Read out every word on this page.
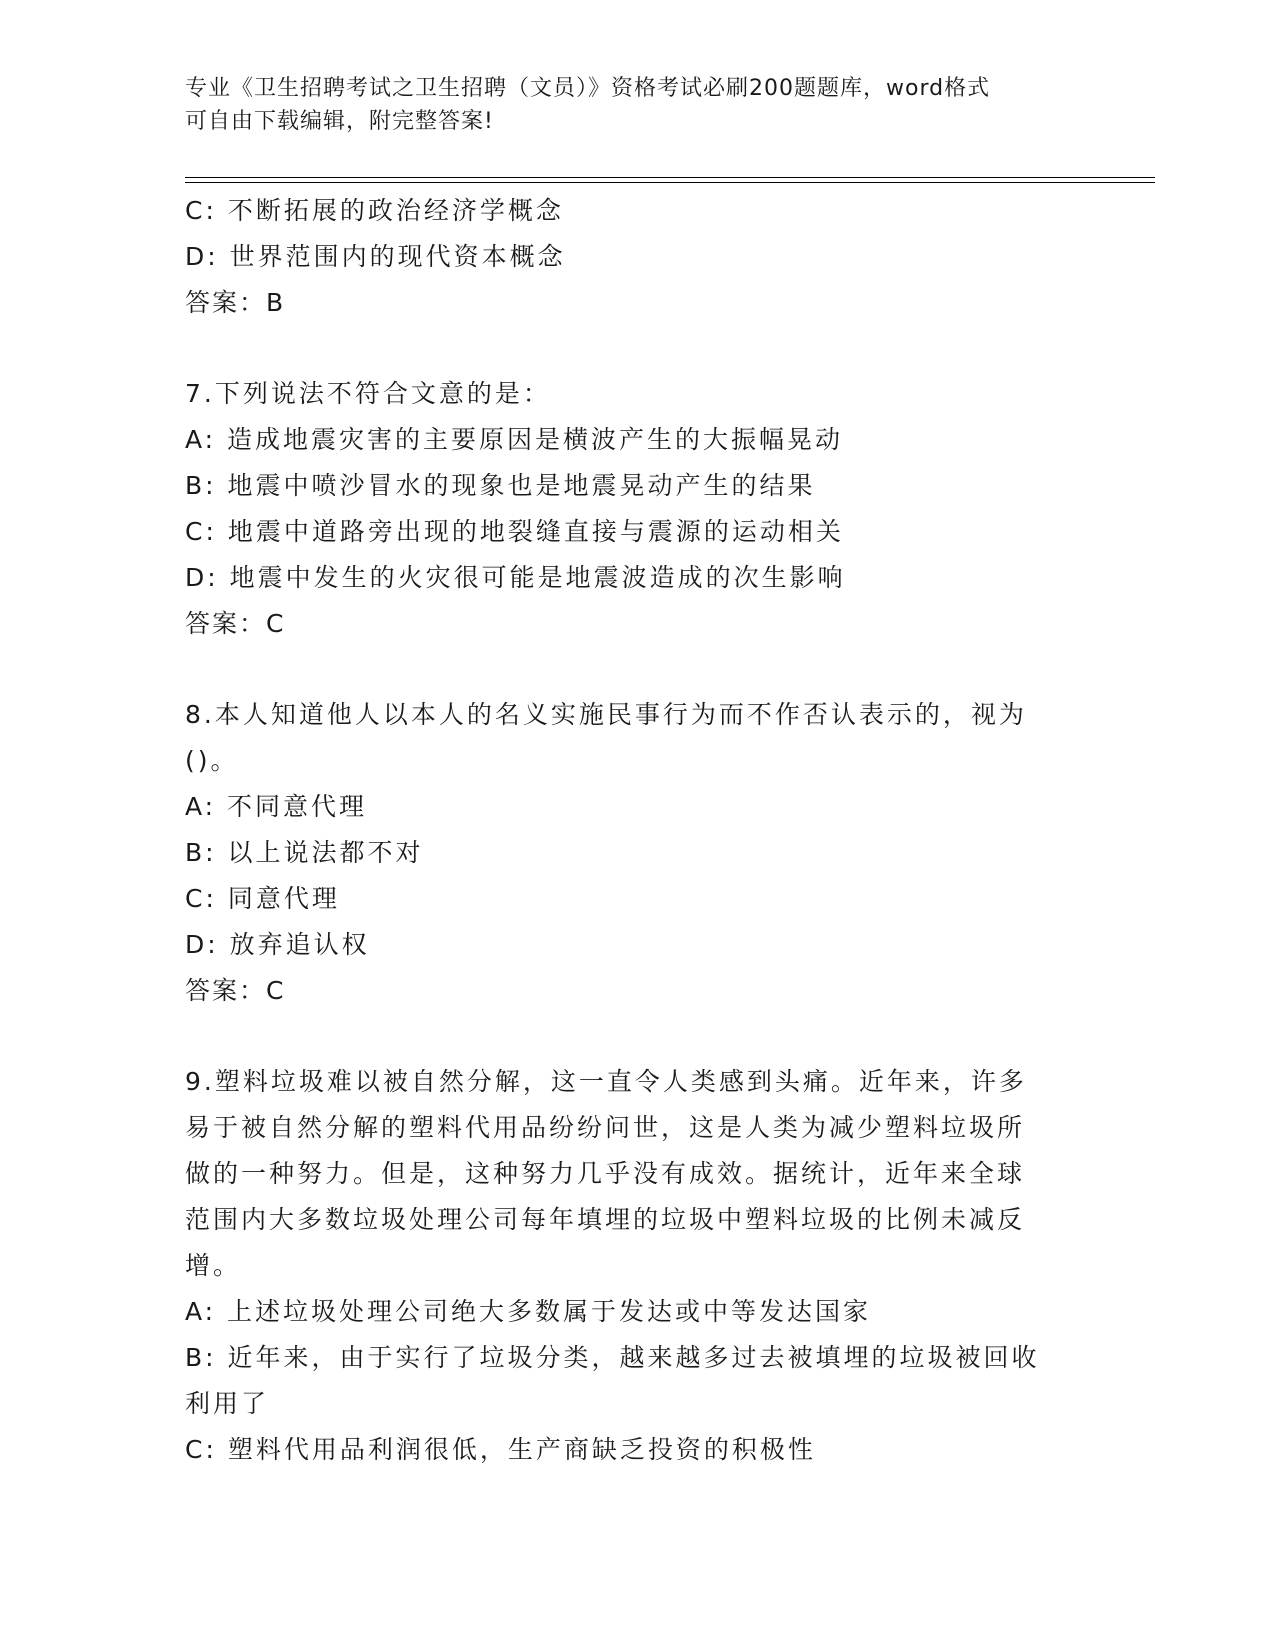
专业《卫生招聘考试之卫生招聘（文员）》资格考试必刷200题题库，word格式
可自由下载编辑，附完整答案!
C: 不断拓展的政治经济学概念
D: 世界范围内的现代资本概念
答案：B
7.下列说法不符合文意的是：
A: 造成地震灾害的主要原因是横波产生的大振幅晃动
B: 地震中喷沙冒水的现象也是地震晃动产生的结果
C: 地震中道路旁出现的地裂缝直接与震源的运动相关
D: 地震中发生的火灾很可能是地震波造成的次生影响
答案：C
8.本人知道他人以本人的名义实施民事行为而不作否认表示的，视为
()。
A: 不同意代理
B: 以上说法都不对
C: 同意代理
D: 放弃追认权
答案：C
9.塑料垃圾难以被自然分解，这一直令人类感到头痛。近年来，许多
易于被自然分解的塑料代用品纷纷问世，这是人类为减少塑料垃圾所
做的一种努力。但是，这种努力几乎没有成效。据统计，近年来全球
范围内大多数垃圾处理公司每年填埋的垃圾中塑料垃圾的比例未减反
增。
A: 上述垃圾处理公司绝大多数属于发达或中等发达国家
B: 近年来，由于实行了垃圾分类，越来越多过去被填埋的垃圾被回收
利用了
C: 塑料代用品利润很低，生产商缺乏投资的积极性
